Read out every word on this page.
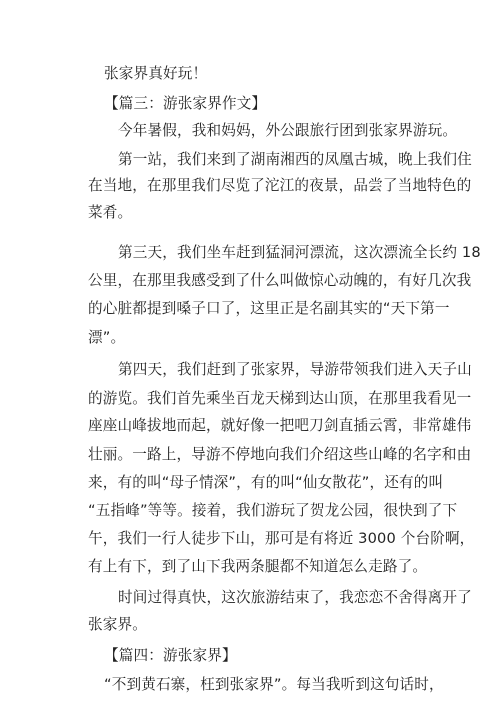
张家界真好玩！
【篇三：游张家界作文】
今年暑假，我和妈妈，外公跟旅行团到张家界游玩。
第一站，我们来到了湖南湘西的凤凰古城，晚上我们住
在当地，在那里我们尽览了沱江的夜景，品尝了当地特色的
菜肴。
第三天，我们坐车赶到猛洞河漂流，这次漂流全长约 18
公里，在那里我感受到了什么叫做惊心动魄的，有好几次我
的心脏都提到嗓子口了，这里正是名副其实的“天下第一
漂”。
第四天，我们赶到了张家界，导游带领我们进入天子山
的游览。我们首先乘坐百龙天梯到达山顶，在那里我看见一
座座山峰拔地而起，就好像一把吧刀剑直插云霄，非常雄伟
壮丽。一路上，导游不停地向我们介绍这些山峰的名字和由
来，有的叫“母子情深”，有的叫“仙女散花”，还有的叫
“五指峰”等等。接着，我们游玩了贺龙公园，很快到了下
午，我们一行人徒步下山，那可是有将近 3000 个台阶啊，
有上有下，到了山下我两条腿都不知道怎么走路了。
时间过得真快，这次旅游结束了，我恋恋不舍得离开了
张家界。
【篇四：游张家界】
“不到黄石寨，枉到张家界”。每当我听到这句话时，
